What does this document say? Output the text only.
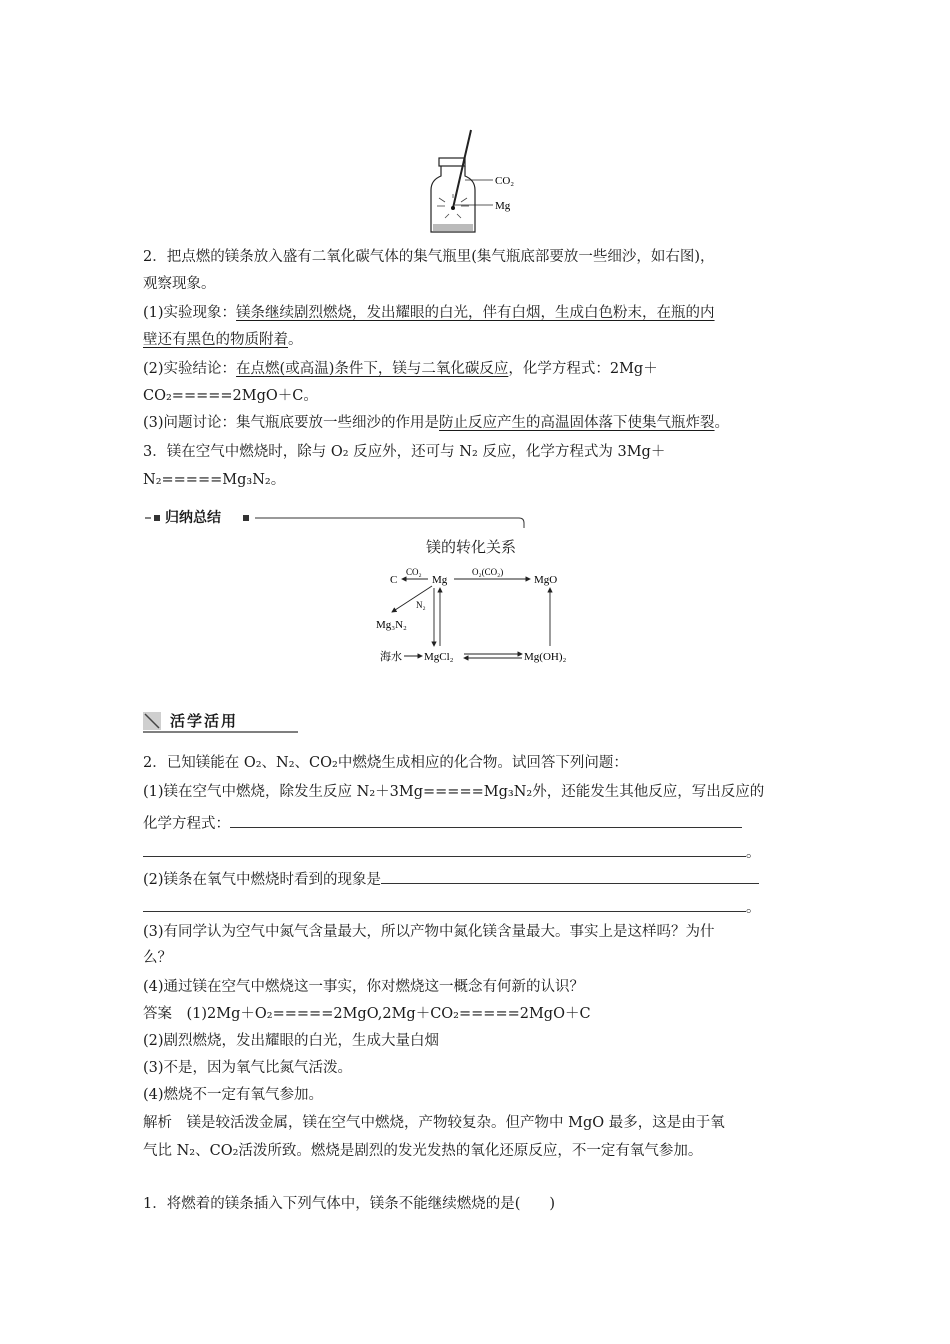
CO₂
Mg
2．把点燃的镁条放入盛有二氧化碳气体的集气瓶里(集气瓶底部要放一些细沙，如右图)，
观察现象。
(1)实验现象：镁条继续剧烈燃烧，发出耀眼的白光，伴有白烟，生成白色粉末，在瓶的内
壁还有黑色的物质附着。
(2)实验结论：在点燃(或高温)条件下，镁与二氧化碳反应，化学方程式：2Mg＋
CO₂=====2MgO＋C。
(3)问题讨论：集气瓶底要放一些细沙的作用是防止反应产生的高温固体落下使集气瓶炸裂。
3．镁在空气中燃烧时，除与 O₂ 反应外，还可与 N₂ 反应，化学方程式为 3Mg＋
N₂=====Mg₃N₂。
归纳总结
镁的转化关系
C
CO₂
Mg
O₂(CO₂)
MgO
N₂
Mg₃N₂
海水 MgCl₂	Mg(OH)₂
活学活用
2．已知镁能在 O₂、N₂、CO₂中燃烧生成相应的化合物。试回答下列问题：
(1)镁在空气中燃烧，除发生反应 N₂＋3Mg=====Mg₃N₂外，还能发生其他反应，写出反应的
化学方程式：
。
(2)镁条在氧气中燃烧时看到的现象是
。
(3)有同学认为空气中氮气含量最大，所以产物中氮化镁含量最大。事实上是这样吗？为什
么？
(4)通过镁在空气中燃烧这一事实，你对燃烧这一概念有何新的认识？
答案　 (1)2Mg＋O₂=====2MgO,2Mg＋CO₂=====2MgO＋C
(2)剧烈燃烧，发出耀眼的白光，生成大量白烟
(3)不是，因为氧气比氮气活泼。
(4)燃烧不一定有氧气参加。
解析　 镁是较活泼金属，镁在空气中燃烧，产物较复杂。但产物中 MgO 最多，这是由于氧
气比 N₂、CO₂活泼所致。燃烧是剧烈的发光发热的氧化还原反应，不一定有氧气参加。
1．将燃着的镁条插入下列气体中，镁条不能继续燃烧的是(　　)
